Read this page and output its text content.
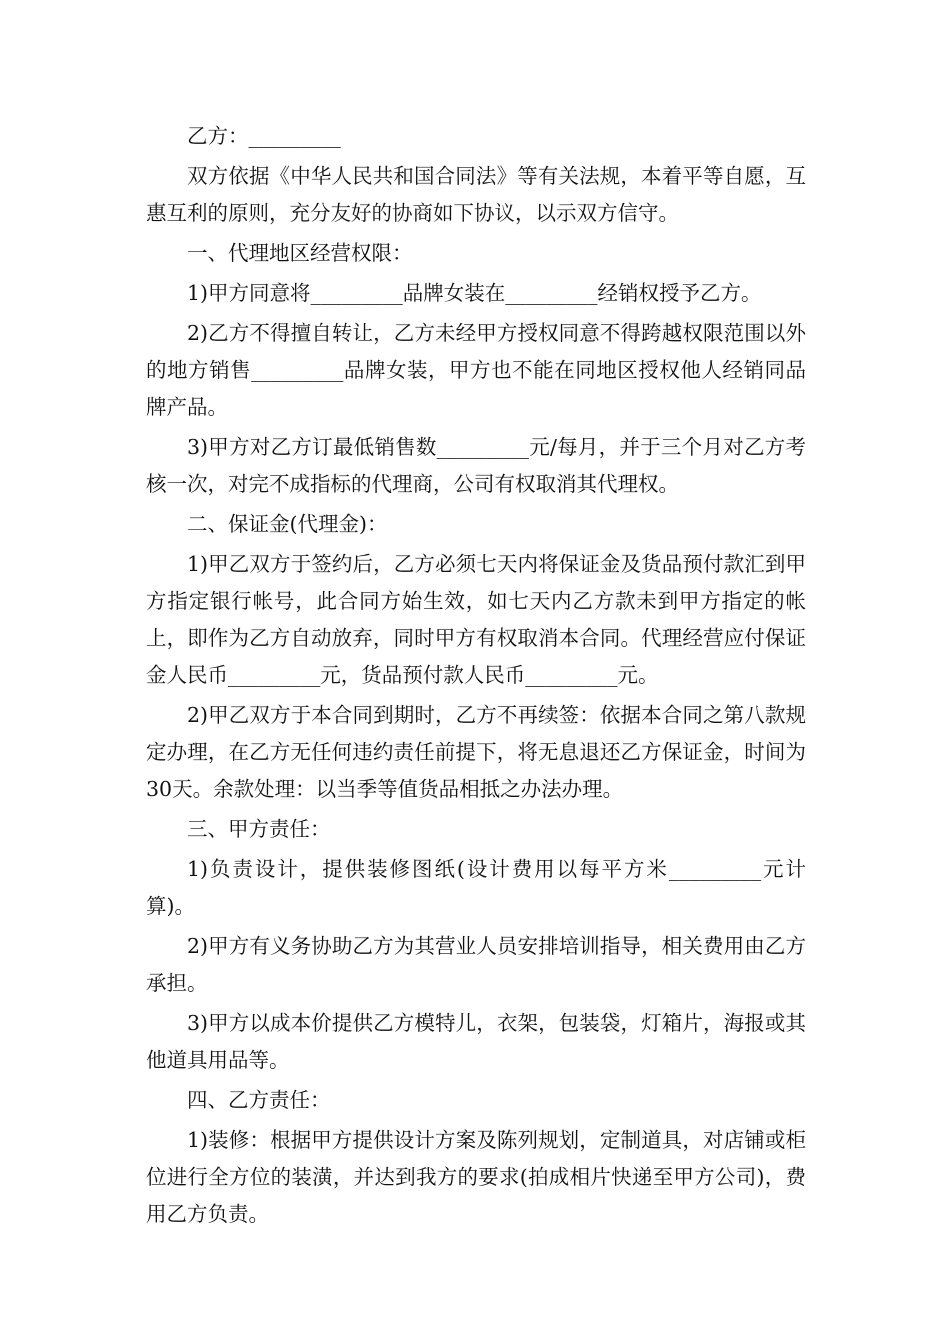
乙方：_________

双方依据《中华人民共和国合同法》等有关法规，本着平等自愿，互惠互利的原则，充分友好的协商如下协议，以示双方信守。

一、代理地区经营权限：

1)甲方同意将_________品牌女装在_________经销权授予乙方。

2)乙方不得擅自转让，乙方未经甲方授权同意不得跨越权限范围以外的地方销售_________品牌女装，甲方也不能在同地区授权他人经销同品牌产品。

3)甲方对乙方订最低销售数_________元/每月，并于三个月对乙方考核一次，对完不成指标的代理商，公司有权取消其代理权。

二、保证金(代理金)：

1)甲乙双方于签约后，乙方必须七天内将保证金及货品预付款汇到甲方指定银行帐号，此合同方始生效，如七天内乙方款未到甲方指定的帐上，即作为乙方自动放弃，同时甲方有权取消本合同。代理经营应付保证金人民币_________元，货品预付款人民币_________元。

2)甲乙双方于本合同到期时，乙方不再续签：依据本合同之第八款规定办理，在乙方无任何违约责任前提下，将无息退还乙方保证金，时间为30天。余款处理：以当季等值货品相抵之办法办理。

三、甲方责任：

1)负责设计，提供装修图纸(设计费用以每平方米_________元计算)。

2)甲方有义务协助乙方为其营业人员安排培训指导，相关费用由乙方承担。

3)甲方以成本价提供乙方模特儿，衣架，包装袋，灯箱片，海报或其他道具用品等。

四、乙方责任：

1)装修：根据甲方提供设计方案及陈列规划，定制道具，对店铺或柜位进行全方位的装潢，并达到我方的要求(拍成相片快递至甲方公司)，费用乙方负责。
